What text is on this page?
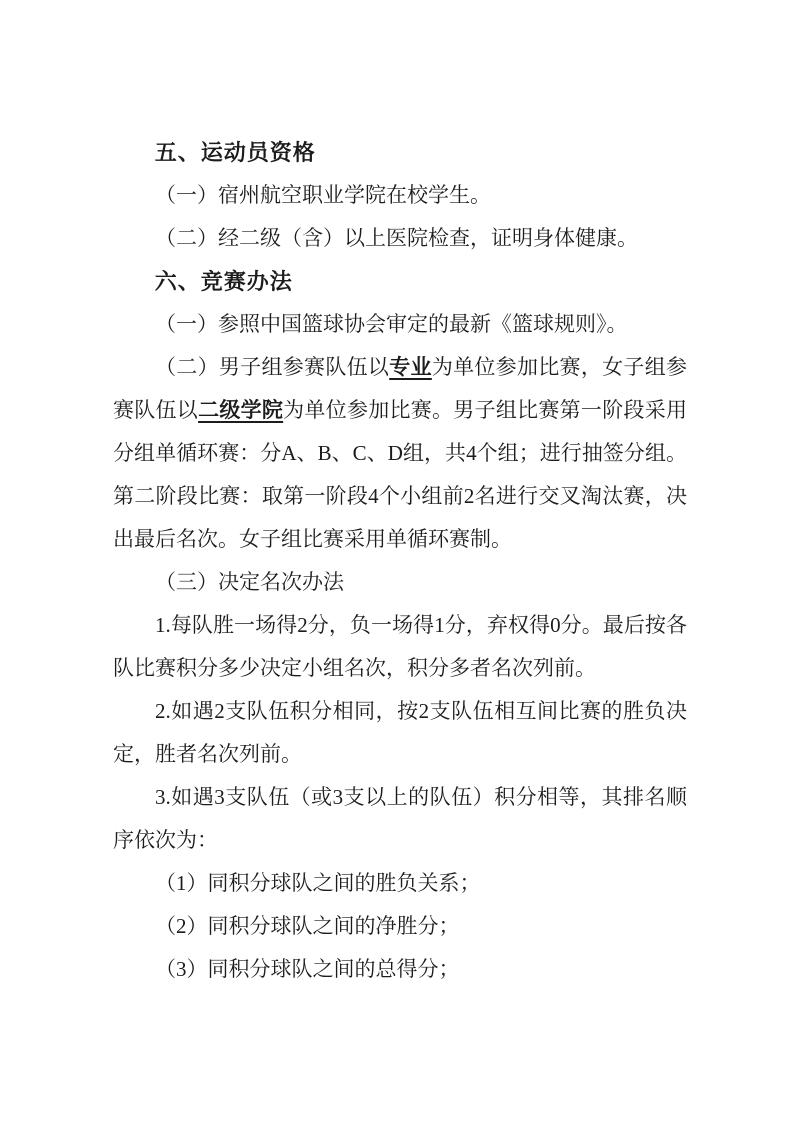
五、运动员资格

（一）宿州航空职业学院在校学生。

（二）经二级（含）以上医院检查，证明身体健康。

六、竞赛办法

（一）参照中国篮球协会审定的最新《篮球规则》。

（二）男子组参赛队伍以专业为单位参加比赛，女子组参赛队伍以二级学院为单位参加比赛。男子组比赛第一阶段采用分组单循环赛：分A、B、C、D组，共4个组；进行抽签分组。第二阶段比赛：取第一阶段4个小组前2名进行交叉淘汰赛，决出最后名次。女子组比赛采用单循环赛制。

（三）决定名次办法

1.每队胜一场得2分，负一场得1分，弃权得0分。最后按各队比赛积分多少决定小组名次，积分多者名次列前。

2.如遇2支队伍积分相同，按2支队伍相互间比赛的胜负决定，胜者名次列前。

3.如遇3支队伍（或3支以上的队伍）积分相等，其排名顺序依次为：

（1）同积分球队之间的胜负关系；

（2）同积分球队之间的净胜分；

（3）同积分球队之间的总得分；
